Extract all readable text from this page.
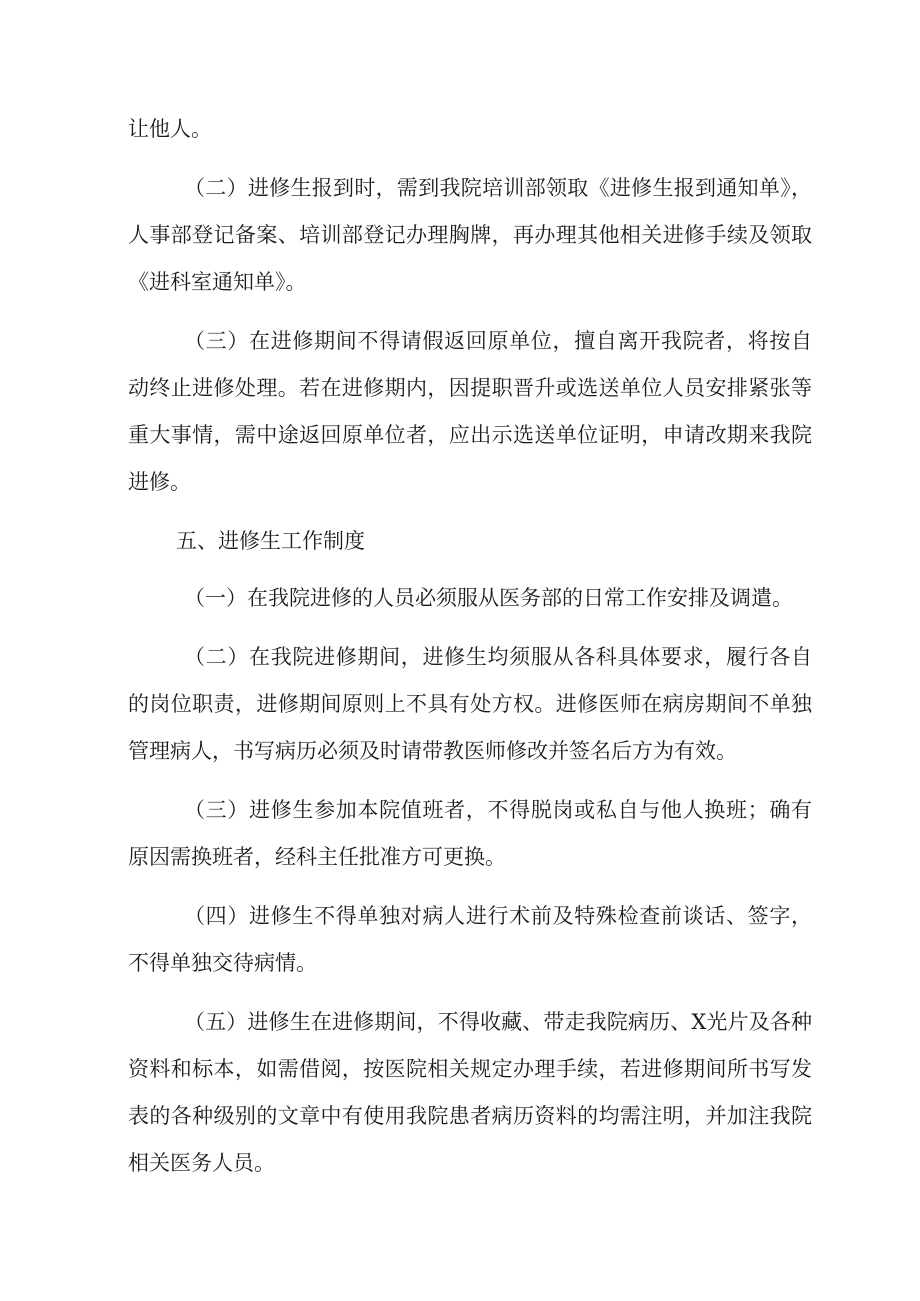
让他人。

（二）进修生报到时，需到我院培训部领取《进修生报到通知单》，人事部登记备案、培训部登记办理胸牌，再办理其他相关进修手续及领取《进科室通知单》。

（三）在进修期间不得请假返回原单位，擅自离开我院者，将按自动终止进修处理。若在进修期内，因提职晋升或选送单位人员安排紧张等重大事情，需中途返回原单位者，应出示选送单位证明，申请改期来我院进修。

五、进修生工作制度

（一）在我院进修的人员必须服从医务部的日常工作安排及调遣。

（二）在我院进修期间，进修生均须服从各科具体要求，履行各自的岗位职责，进修期间原则上不具有处方权。进修医师在病房期间不单独管理病人，书写病历必须及时请带教医师修改并签名后方为有效。

（三）进修生参加本院值班者，不得脱岗或私自与他人换班；确有原因需换班者，经科主任批准方可更换。

（四）进修生不得单独对病人进行术前及特殊检查前谈话、签字，不得单独交待病情。

（五）进修生在进修期间，不得收藏、带走我院病历、X光片及各种资料和标本，如需借阅，按医院相关规定办理手续，若进修期间所书写发表的各种级别的文章中有使用我院患者病历资料的均需注明，并加注我院相关医务人员。
